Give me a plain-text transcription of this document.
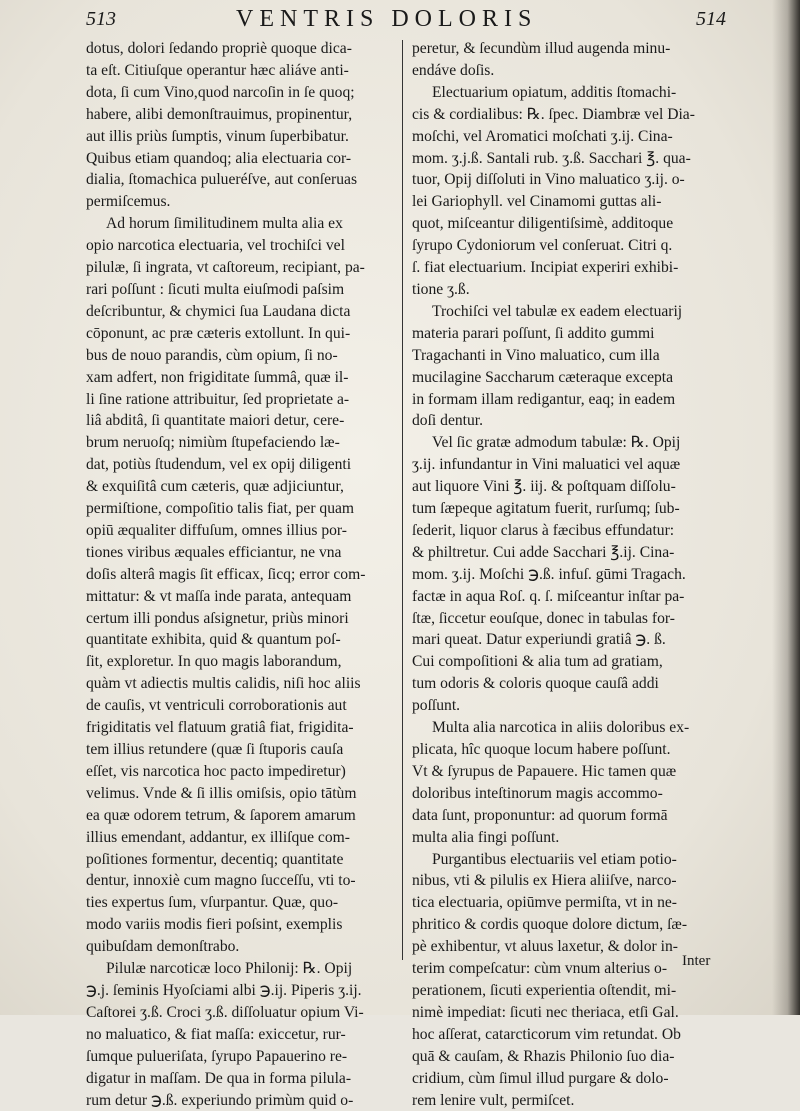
513	VENTRIS DOLORIS	514
dotus, dolori ſedando propriè quoque dica-
ta eſt. Citiuſque operantur hæc aliáve anti-
dota, ſi cum Vino,quod narcoſin in ſe quoq;
habere, alibi demonſtrauimus, propinentur,
aut illis priùs ſumptis, vinum ſuperbibatur.
Quibus etiam quandoq; alia electuaria cor-
dialia, ſtomachica pulueréſve, aut conſeruas
permiſcemus.
Ad horum ſimilitudinem multa alia ex
opio narcotica electuaria, vel trochiſci vel
pilulæ, ſi ingrata, vt caſtoreum, recipiant, pa-
rari poſſunt : ſicuti multa eiuſmodi paſsim
deſcribuntur, & chymici ſua Laudana dicta
cōponunt, ac præ cæteris extollunt. In qui-
bus de nouo parandis, cùm opium, ſi no-
xam adfert, non frigiditate ſummâ, quæ il-
li ſine ratione attribuitur, ſed proprietate a-
liâ abditâ, ſi quantitate maiori detur, cere-
brum neruoſq; nimiùm ſtupefaciendo læ-
dat, potiùs ſtudendum, vel ex opij diligenti
& exquiſitâ cum cæteris, quæ adjiciuntur,
permiſtione, compoſitio talis fiat, per quam
opiū æqualiter diffuſum, omnes illius por-
tiones viribus æquales efficiantur, ne vna
doſis alterâ magis ſit efficax, ſicq; error com-
mittatur: & vt maſſa inde parata, antequam
certum illi pondus aſsignetur, priùs minori
quantitate exhibita, quid & quantum poſ-
ſit, exploretur. In quo magis laborandum,
quàm vt adiectis multis calidis, niſi hoc aliis
de cauſis, vt ventriculi corroborationis aut
frigiditatis vel flatuum gratiâ fiat, frigidita-
tem illius retundere (quæ ſi ſtuporis cauſa
eſſet, vis narcotica hoc pacto impediretur)
velimus. Vnde & ſi illis omiſsis, opio tātùm
ea quæ odorem tetrum, & ſaporem amarum
illius emendant, addantur, ex illiſque com-
poſitiones formentur, decentiq; quantitate
dentur, innoxiè cum magno ſucceſſu, vti to-
ties expertus ſum, vſurpantur. Quæ, quo-
modo variis modis fieri poſsint, exemplis
quibuſdam demonſtrabo.
Pilulæ narcoticæ loco Philonij: ℞. Opij
℈.j. ſeminis Hyoſciami albi ℈.ij. Piperis ʒ.ij.
Caſtorei ʒ.ß. Croci ʒ.ß. diſſoluatur opium Vi-
no maluatico, & fiat maſſa: exiccetur, rur-
ſumque pulueriſata, ſyrupo Papauerino re-
digatur in maſſam. De qua in forma pilula-
rum detur ℈.ß. experiundo primùm quid o-
peretur, & ſecundùm illud augenda minu-
endáve doſis.
Electuarium opiatum, additis ſtomachi-
cis & cordialibus: ℞. ſpec. Diambræ vel Dia-
moſchi, vel Aromatici moſchati ʒ.ij. Cina-
mom. ʒ.j.ß. Santali rub. ʒ.ß. Sacchari ℥. qua-
tuor, Opij diſſoluti in Vino maluatico ʒ.ij. o-
lei Gariophyll. vel Cinamomi guttas ali-
quot, miſceantur diligentiſsimè, additoque
ſyrupo Cydoniorum vel conſeruat. Citri q.
ſ. fiat electuarium. Incipiat experiri exhibi-
tione ʒ.ß.
Trochiſci vel tabulæ ex eadem electuarij
materia parari poſſunt, ſi addito gummi
Tragachanti in Vino maluatico, cum illa
mucilagine Saccharum cæteraque excepta
in formam illam redigantur, eaq; in eadem
doſi dentur.
Vel ſic gratæ admodum tabulæ: ℞. Opij
ʒ.ij. infundantur in Vini maluatici vel aquæ
aut liquore Vini ℥. iij. & poſtquam diſſolu-
tum ſæpeque agitatum fuerit, rurſumq; ſub-
ſederit, liquor clarus à fæcibus effundatur:
& philtretur. Cui adde Sacchari ℥.ij. Cina-
mom. ʒ.ij. Moſchi ℈.ß. infuſ. gūmi Tragach.
factæ in aqua Roſ. q. ſ. miſceantur inſtar pa-
ſtæ, ſiccetur eouſque, donec in tabulas for-
mari queat. Datur experiundi gratiâ ℈. ß.
Cui compoſitioni & alia tum ad gratiam,
tum odoris & coloris quoque cauſâ addi
poſſunt.
Multa alia narcotica in aliis doloribus ex-
plicata, hîc quoque locum habere poſſunt.
Vt & ſyrupus de Papauere. Hic tamen quæ
doloribus inteſtinorum magis accommo-
data ſunt, proponuntur: ad quorum formā
multa alia fingi poſſunt.
Purgantibus electuariis vel etiam potio-
nibus, vti & pilulis ex Hiera aliiſve, narco-
tica electuaria, opiūmve permiſta, vt in ne-
phritico & cordis quoque dolore dictum, ſæ-
pè exhibentur, vt aluus laxetur, & dolor in-
terim compeſcatur: cùm vnum alterius o-
perationem, ſicuti experientia oſtendit, mi-
nimè impediat: ſicuti nec theriaca, etſi Gal.
hoc aſſerat, catarcticorum vim retundat. Ob
quā & cauſam, & Rhazis Philonio ſuo dia-
cridium, cùm ſimul illud purgare & dolo-
rem lenire vult, permiſcet.
Inter
